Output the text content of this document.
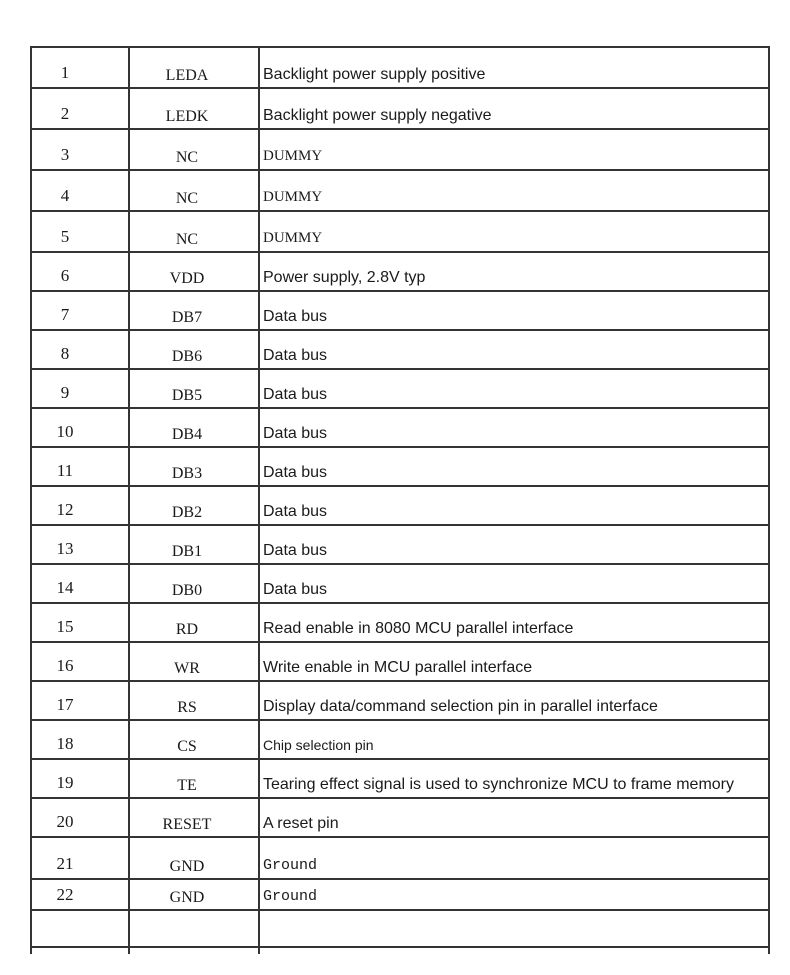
1	LEDA	Backlight power supply positive
2	LEDK	Backlight power supply negative
3	NC	DUMMY
4	NC	DUMMY
5	NC	DUMMY
6	VDD	Power supply, 2.8V typ
7	DB7	Data bus
8	DB6	Data bus
9	DB5	Data bus
10	DB4	Data bus
11	DB3	Data bus
12	DB2	Data bus
13	DB1	Data bus
14	DB0	Data bus
15	RD	Read enable in 8080 MCU parallel interface
16	WR	Write enable in MCU parallel interface
17	RS	Display data/command selection pin in parallel interface
18	CS	Chip selection pin
19	TE	Tearing effect signal is used to synchronize MCU to frame memory
20	RESET	A reset pin
21	GND	Ground
22	GND	Ground
